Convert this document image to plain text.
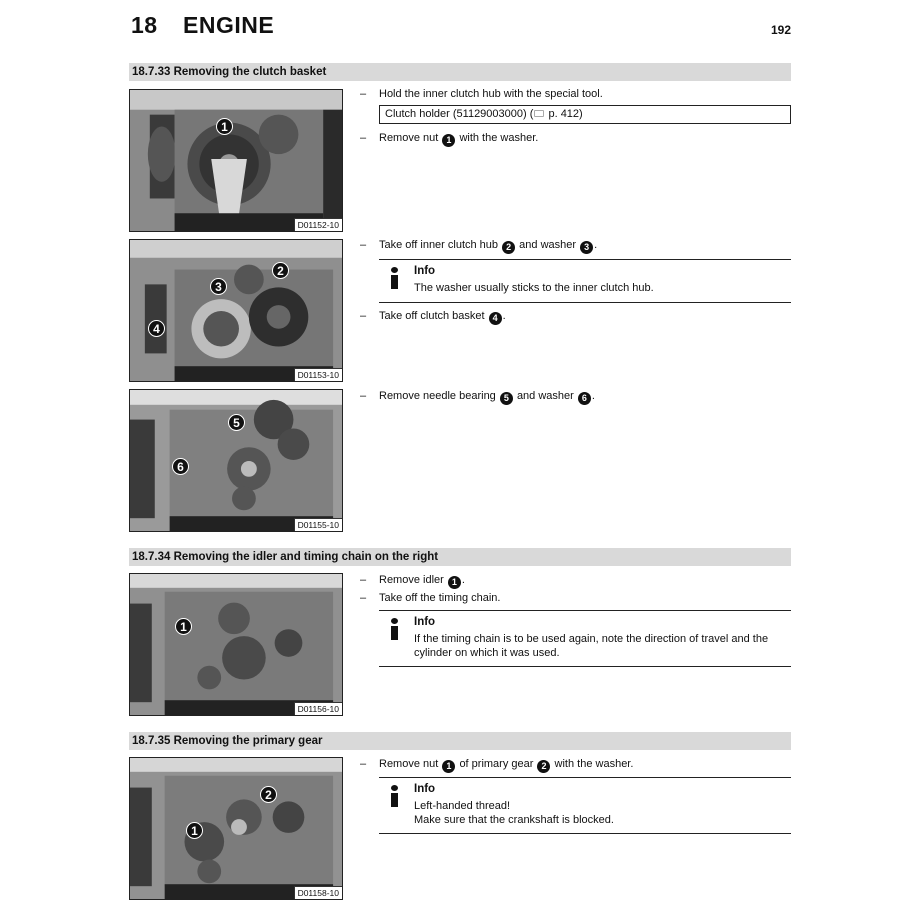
18 ENGINE	192
18.7.33 Removing the clutch basket
1
D01152-10
2
3
4
D01153-10
5
6
D01155-10
– Hold the inner clutch hub with the special tool.
Clutch holder (51129003000) ( p. 412)
– Remove nut 1 with the washer.
– Take off inner clutch hub 2 and washer 3 .
Info
The washer usually sticks to the inner clutch hub.
– Take off clutch basket 4 .
– Remove needle bearing 5 and washer 6 .
18.7.34 Removing the idler and timing chain on the right
1
D01156-10
– Remove idler 1 .
– Take off the timing chain.
Info
If the timing chain is to be used again, note the direction of travel and the
cylinder on which it was used.
18.7.35 Removing the primary gear
2
1
D01158-10
– Remove nut 1 of primary gear 2 with the washer.
Info
Left-handed thread!
Make sure that the crankshaft is blocked.
